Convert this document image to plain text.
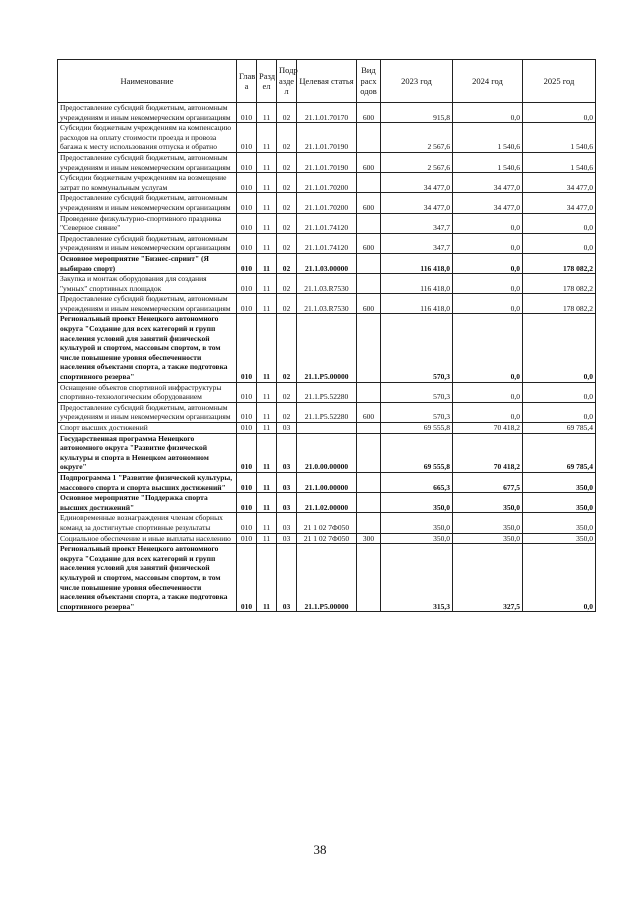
Наименование	Глав а	Разд ел	Подр азде л	Целевая статья	Вид расх одов	2023 год	2024 год	2025 год
Предоставление субсидий бюджетным, автономным учреждениям и иным некоммерческим организациям	010	11	02	21.1.01.70170	600	915,8	0,0	0,0
Субсидии бюджетным учреждениям на компенсацию расходов на оплату стоимости проезда и провоза багажа к месту использования отпуска и обратно	010	11	02	21.1.01.70190		2 567,6	1 540,6	1 540,6
Предоставление субсидий бюджетным, автономным учреждениям и иным некоммерческим организациям	010	11	02	21.1.01.70190	600	2 567,6	1 540,6	1 540,6
Субсидии бюджетным учреждениям на возмещение затрат по коммунальным услугам	010	11	02	21.1.01.70200		34 477,0	34 477,0	34 477,0
Предоставление субсидий бюджетным, автономным учреждениям и иным некоммерческим организациям	010	11	02	21.1.01.70200	600	34 477,0	34 477,0	34 477,0
Проведение физкультурно-спортивного праздника "Северное сияние"	010	11	02	21.1.01.74120		347,7	0,0	0,0
Предоставление субсидий бюджетным, автономным учреждениям и иным некоммерческим организациям	010	11	02	21.1.01.74120	600	347,7	0,0	0,0
Основное мероприятие "Бизнес-спринт" (Я выбираю спорт)	010	11	02	21.1.03.00000		116 418,0	0,0	178 082,2
Закупка и монтаж оборудования для создания "умных" спортивных площадок	010	11	02	21.1.03.R7530		116 418,0	0,0	178 082,2
Предоставление субсидий бюджетным, автономным учреждениям и иным некоммерческим организациям	010	11	02	21.1.03.R7530	600	116 418,0	0,0	178 082,2
Региональный проект Ненецкого автономного округа "Создание для всех категорий и групп населения условий для занятий физической культурой и спортом, массовым спортом, в том числе повышение уровня обеспеченности населения объектами спорта, а также подготовка спортивного резерва"	010	11	02	21.1.P5.00000		570,3	0,0	0,0
Оснащение объектов спортивной инфраструктуры спортивно-технологическим оборудованием	010	11	02	21.1.P5.52280		570,3	0,0	0,0
Предоставление субсидий бюджетным, автономным учреждениям и иным некоммерческим организациям	010	11	02	21.1.P5.52280	600	570,3	0,0	0,0
Спорт высших достижений	010	11	03			69 555,8	70 418,2	69 785,4
Государственная программа Ненецкого автономного округа "Развитие физической культуры и спорта в Ненецком автономном округе"	010	11	03	21.0.00.00000		69 555,8	70 418,2	69 785,4
Подпрограмма 1 "Развитие физической культуры, массового спорта и спорта высших достижений"	010	11	03	21.1.00.00000		665,3	677,5	350,0
Основное мероприятие "Поддержка спорта высших достижений"	010	11	03	21.1.02.00000		350,0	350,0	350,0
Единовременные вознаграждения членам сборных команд за достигнутые спортивные результаты	010	11	03	21 1 02 7Ф050		350,0	350,0	350,0
Социальное обеспечение и иные выплаты населению	010	11	03	21 1 02 7Ф050	300	350,0	350,0	350,0
Региональный проект Ненецкого автономного округа "Создание для всех категорий и групп населения условий для занятий физической культурой и спортом, массовым спортом, в том числе повышение уровня обеспеченности населения объектами спорта, а также подготовка спортивного резерва"	010	11	03	21.1.P5.00000		315,3	327,5	0,0
38
